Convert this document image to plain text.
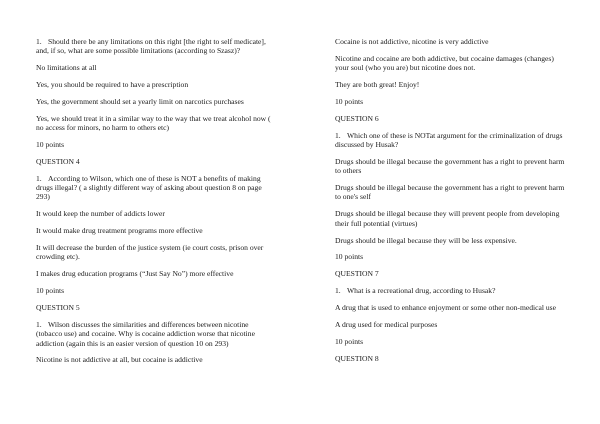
1. Should there be any limitations on this right [the right to self medicate], and, if so, what are some possible limitations (according to Szasz)?

No limitations at all

Yes, you should be required to have a prescription

Yes, the government should set a yearly limit on narcotics purchases

Yes, we should treat it in a similar way to the way that we treat alcohol now ( no access for minors, no harm to others etc)

10 points

QUESTION 4

1. According to Wilson, which one of these is NOT a benefits of making drugs illegal? ( a slightly different way of asking about question 8 on page 293)

It would keep the number of addicts lower

It would make drug treatment programs more effective

It will decrease the burden of the justice system (ie court costs, prison over crowding etc).

I makes drug education programs (“Just Say No”) more effective

10 points

QUESTION 5

1. Wilson discusses the similarities and differences between nicotine (tobacco use) and cocaine. Why is cocaine addiction worse that nicotine addiction (again this is an easier version of question 10 on 293)

Nicotine is not addictive at all, but cocaine is addictive

Cocaine is not addictive, nicotine is very addictive

Nicotine and cocaine are both addictive, but cocaine damages (changes) your soul (who you are) but nicotine does not.

They are both great! Enjoy!

10 points

QUESTION 6

1. Which one of these is NOTat argument for the criminalization of drugs discussed by Husak?

Drugs should be illegal because the government has a right to prevent harm to others

Drugs should be illegal because the government has a right to prevent harm to one's self

Drugs should be illegal because they will prevent people from developing their full potential (virtues)

Drugs should be illegal because they will be less expensive.

10 points

QUESTION 7

1. What is a recreational drug, according to Husak?

A drug that is used to enhance enjoyment or some other non-medical use

A drug used for medical purposes

10 points

QUESTION 8
